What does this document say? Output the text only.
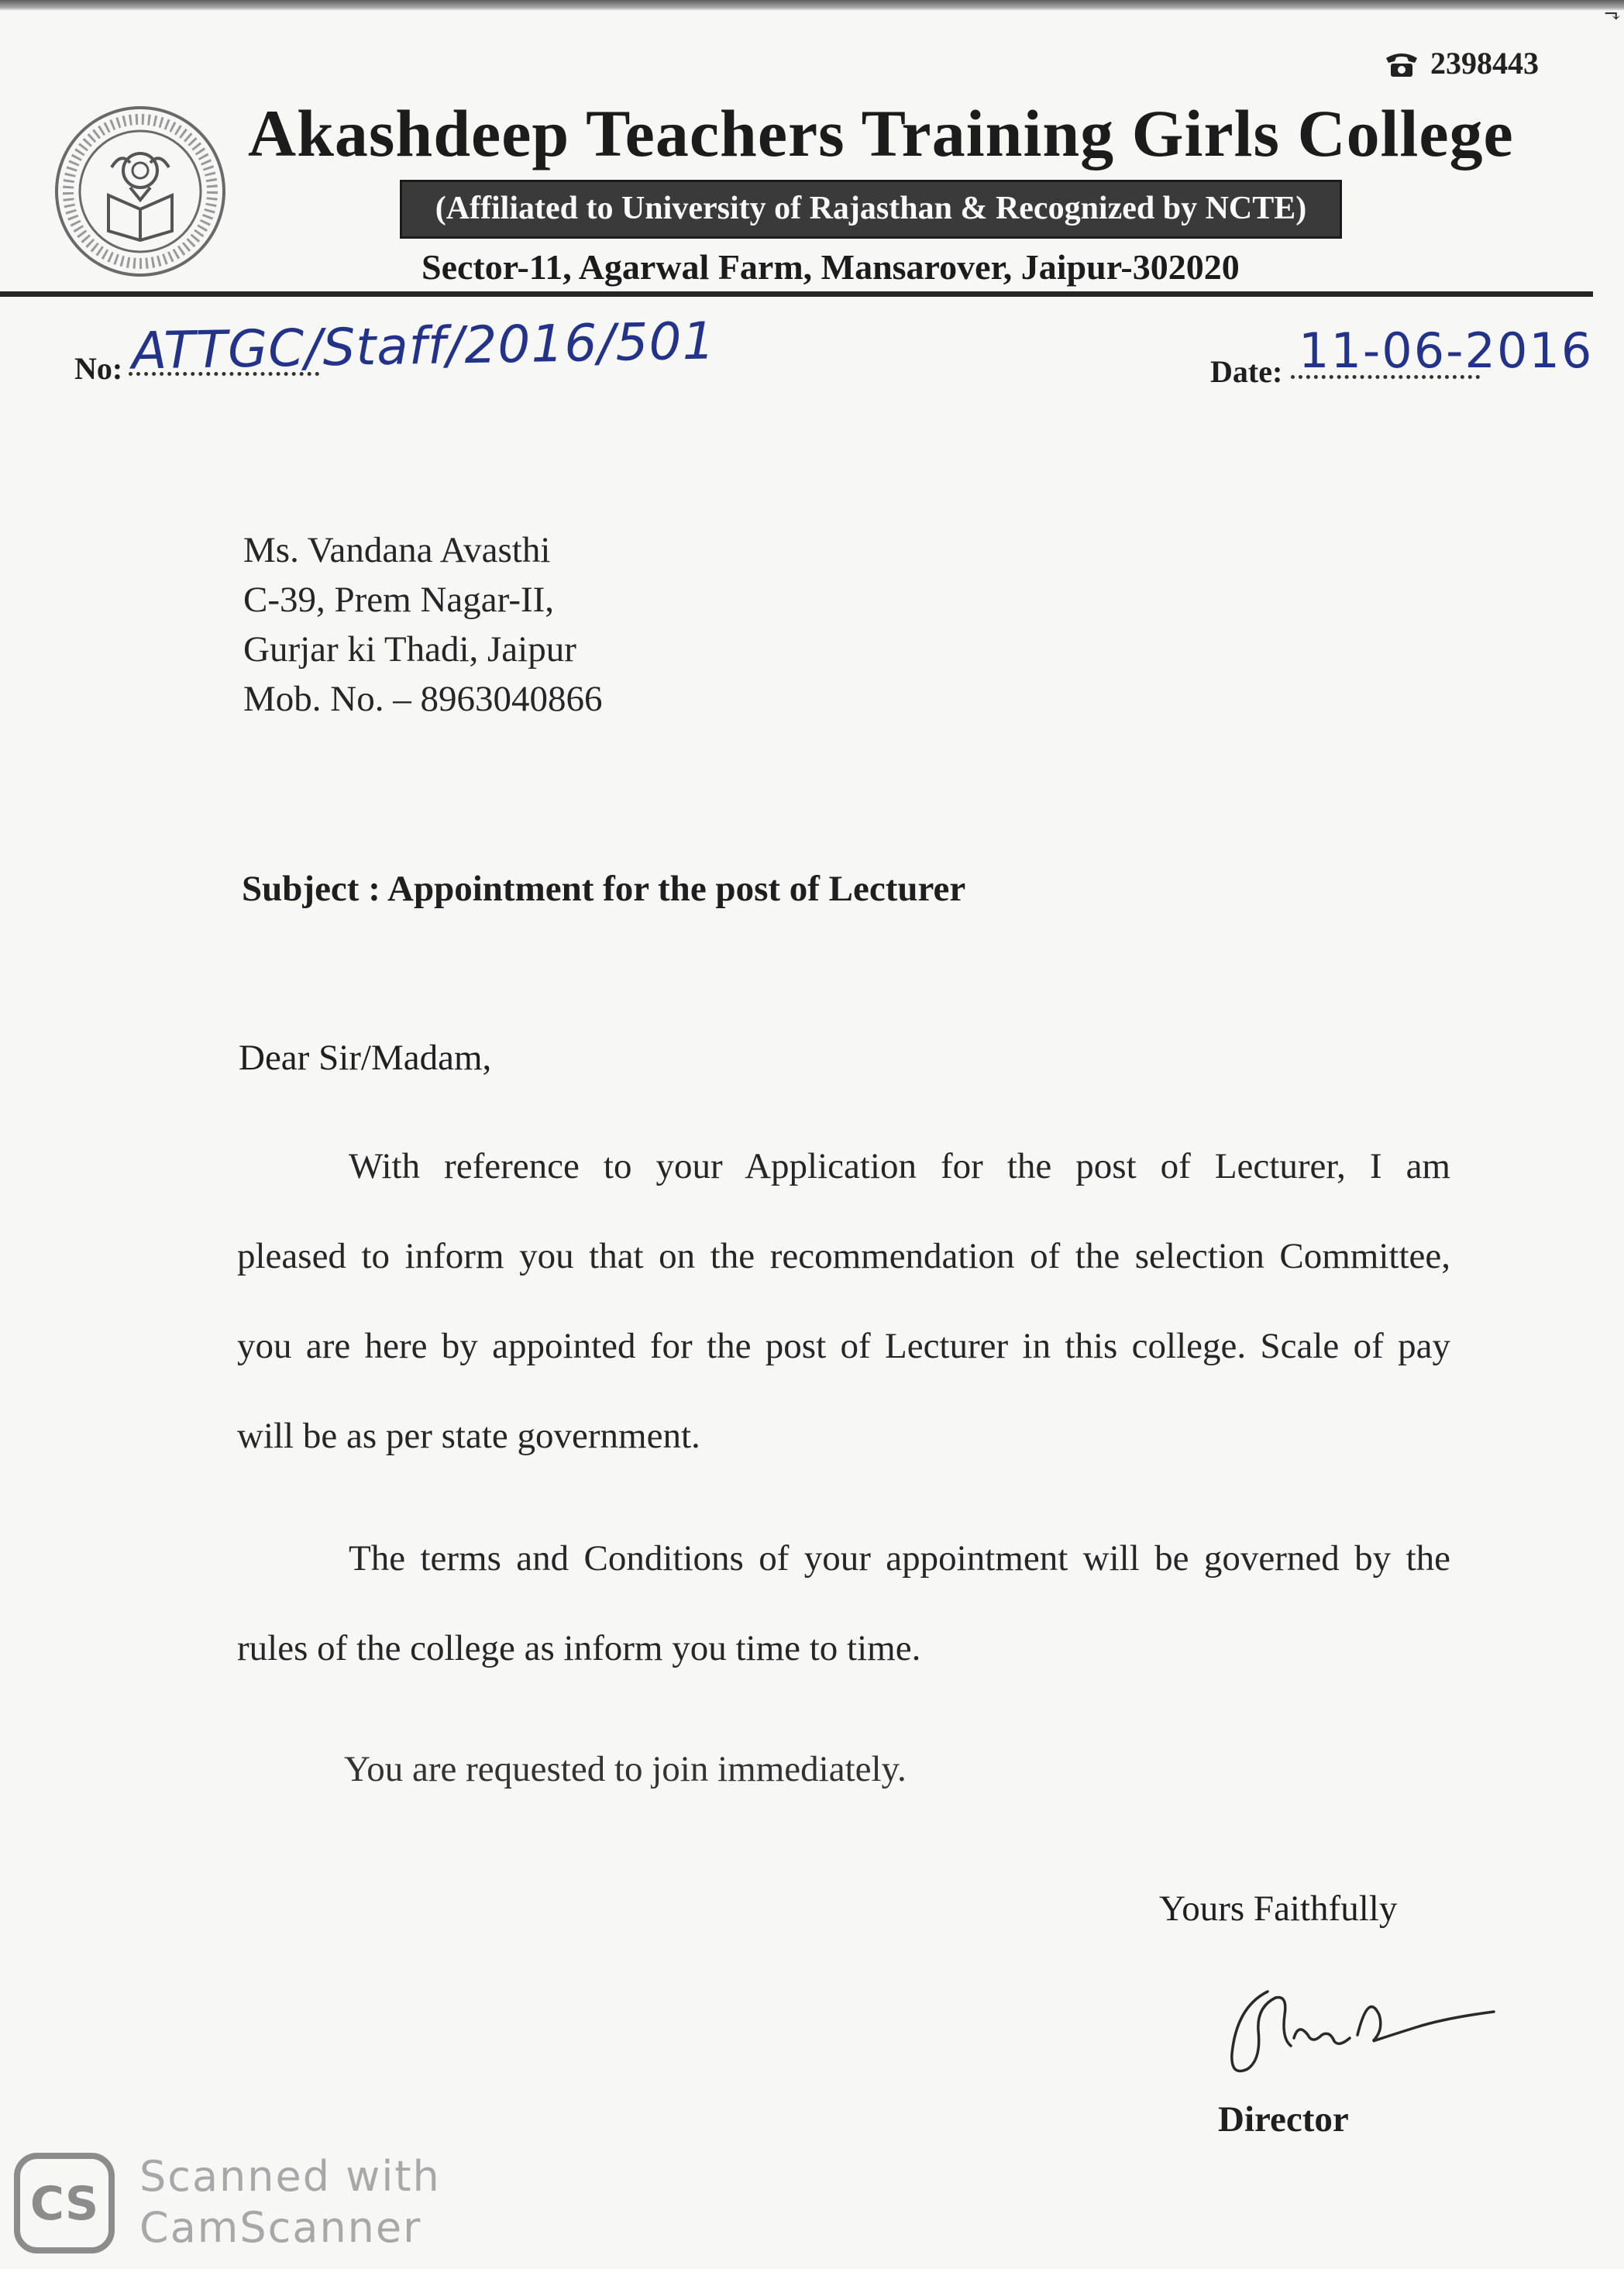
⬎
2398443
Akashdeep Teachers Training Girls College
(Affiliated to University of Rajasthan & Recognized by NCTE)
Sector-11, Agarwal Farm, Mansarover, Jaipur-302020
No: ATTGC/Staff/2016/501	Date: 11-06-2016
Ms. Vandana Avasthi
C-39, Prem Nagar-II,
Gurjar ki Thadi, Jaipur
Mob. No. – 8963040866
Subject : Appointment for the post of Lecturer
Dear Sir/Madam,
With reference to your Application for the post of Lecturer, I am
pleased to inform you that on the recommendation of the selection Committee,
you are here by appointed for the post of Lecturer in this college. Scale of pay
will be as per state government.
The terms and Conditions of your appointment will be governed by the
rules of the college as inform you time to time.
You are requested to join immediately.
Yours Faithfully
Director
CS
Scanned with
CamScanner
